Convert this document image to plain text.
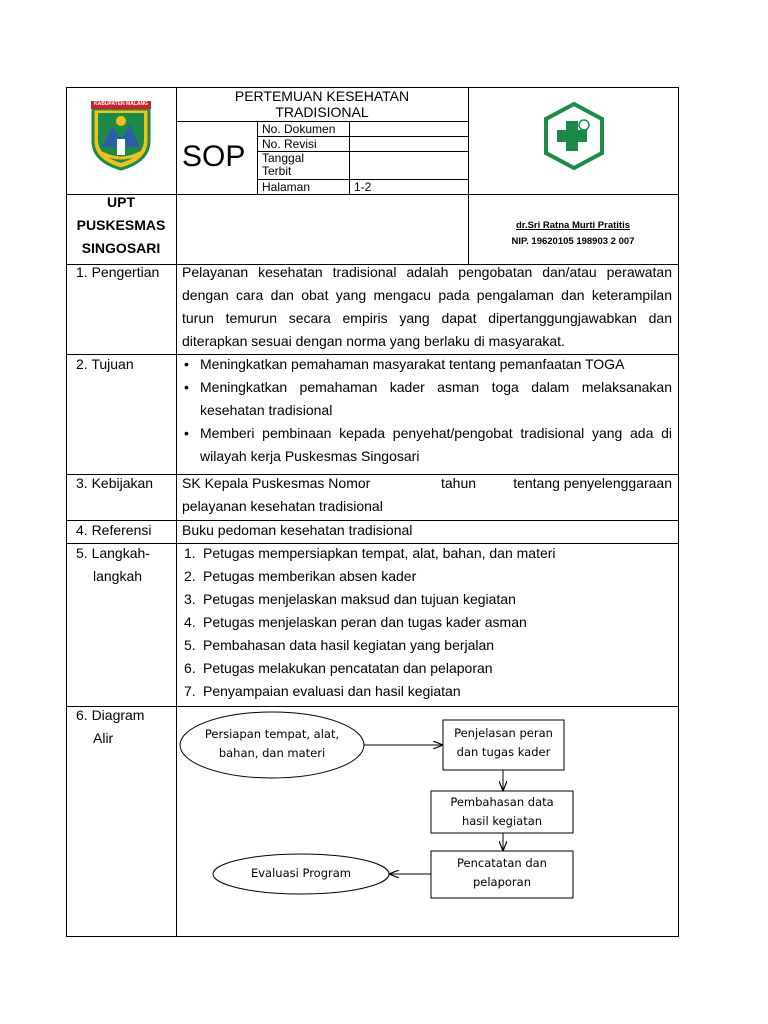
KABUPATEN MALANG	PERTEMUAN KESEHATAN
TRADISIONAL
SOP
No. Dokumen
No. Revisi
Tanggal Terbit
Halaman	1-2
UPT
PUSKESMAS
SINGOSARI
dr.Sri Ratna Murti Pratitis
NIP. 19620105 198903 2 007
1. Pengertian Pelayanan kesehatan tradisional adalah pengobatan dan/atau perawatan dengan cara dan obat yang mengacu pada pengalaman dan keterampilan turun temurun secara empiris yang dapat dipertanggungjawabkan dan diterapkan sesuai dengan norma yang berlaku di masyarakat.
2. Tujuan
•	Meningkatkan pemahaman masyarakat tentang pemanfaatan TOGA
• Meningkatkan pemahaman kader asman toga dalam melaksanakan kesehatan tradisional
• Memberi pembinaan kepada penyehat/pengobat tradisional yang ada di wilayah kerja Puskesmas Singosari
3. Kebijakan SK Kepala Puskesmas Nomor	tahun	tentang penyelenggaraan
pelayanan kesehatan tradisional
4. Referensi Buku pedoman kesehatan tradisional
5. Langkah-
langkah
1. Petugas mempersiapkan tempat, alat, bahan, dan materi
2. Petugas memberikan absen kader
3. Petugas menjelaskan maksud dan tujuan kegiatan
4. Petugas menjelaskan peran dan tugas kader asman
5. Pembahasan data hasil kegiatan yang berjalan
6. Petugas melakukan pencatatan dan pelaporan
7. Penyampaian evaluasi dan hasil kegiatan
6. Diagram
Alir	Persiapan tempat, alat,
bahan, dan materi
Penjelasan peran
dan tugas kader
Pembahasan data
hasil kegiatan
Pencatatan dan
pelaporan
Evaluasi Program
